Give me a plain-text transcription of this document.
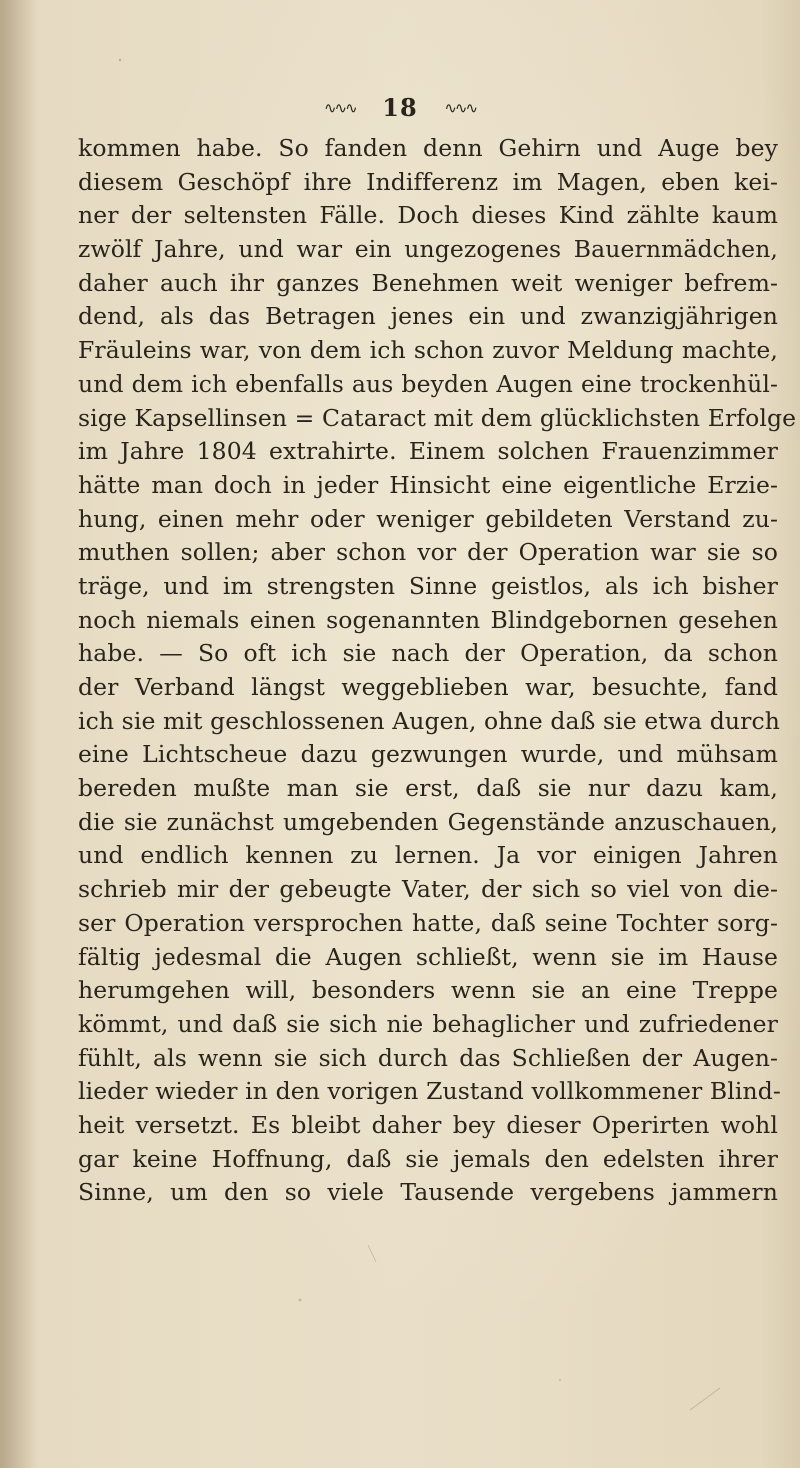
∿∿∿ 18 ∿∿∿
kommen habe. So fanden denn Gehirn und Auge bey
diesem Geschöpf ihre Indifferenz im Magen, eben kei-
ner der seltensten Fälle. Doch dieses Kind zählte kaum
zwölf Jahre, und war ein ungezogenes Bauernmädchen,
daher auch ihr ganzes Benehmen weit weniger befrem-
dend, als das Betragen jenes ein und zwanzigjährigen
Fräuleins war, von dem ich schon zuvor Meldung machte,
und dem ich ebenfalls aus beyden Augen eine trockenhül-
sige Kapsellinsen = Cataract mit dem glücklichsten Erfolge
im Jahre 1804 extrahirte. Einem solchen Frauenzimmer
hätte man doch in jeder Hinsicht eine eigentliche Erzie-
hung, einen mehr oder weniger gebildeten Verstand zu-
muthen sollen; aber schon vor der Operation war sie so
träge, und im strengsten Sinne geistlos, als ich bisher
noch niemals einen sogenannten Blindgebornen gesehen
habe. — So oft ich sie nach der Operation, da schon
der Verband längst weggeblieben war, besuchte, fand
ich sie mit geschlossenen Augen, ohne daß sie etwa durch
eine Lichtscheue dazu gezwungen wurde, und mühsam
bereden mußte man sie erst, daß sie nur dazu kam,
die sie zunächst umgebenden Gegenstände anzuschauen,
und endlich kennen zu lernen. Ja vor einigen Jahren
schrieb mir der gebeugte Vater, der sich so viel von die-
ser Operation versprochen hatte, daß seine Tochter sorg-
fältig jedesmal die Augen schließt, wenn sie im Hause
herumgehen will, besonders wenn sie an eine Treppe
kömmt, und daß sie sich nie behaglicher und zufriedener
fühlt, als wenn sie sich durch das Schließen der Augen-
lieder wieder in den vorigen Zustand vollkommener Blind-
heit versetzt. Es bleibt daher bey dieser Operirten wohl
gar keine Hoffnung, daß sie jemals den edelsten ihrer
Sinne, um den so viele Tausende vergebens jammern
